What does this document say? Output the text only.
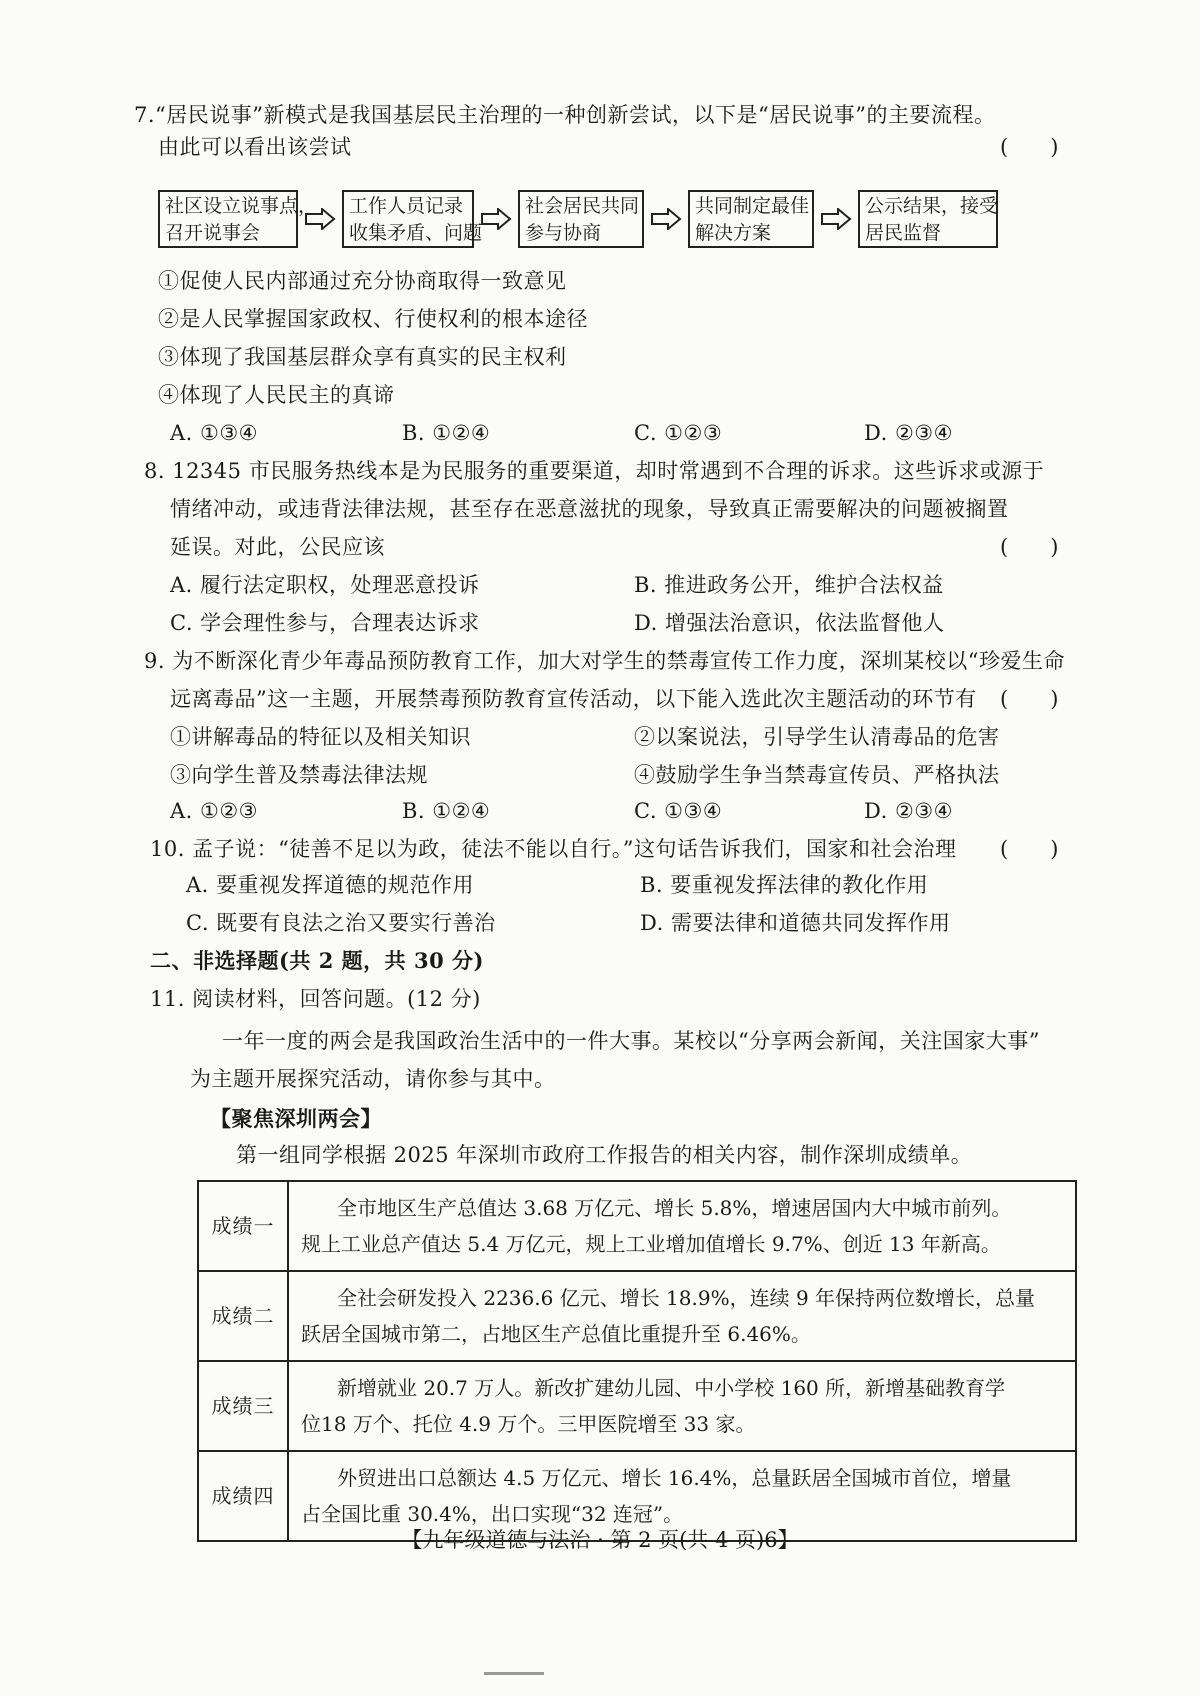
7.“居民说事”新模式是我国基层民主治理的一种创新尝试，以下是“居民说事”的主要流程。
由此可以看出该尝试	(　　)
社区设立说事点，
召开说事会
工作人员记录
收集矛盾、问题
社会居民共同
参与协商
共同制定最佳
解决方案
公示结果，接受
居民监督
①促使人民内部通过充分协商取得一致意见
②是人民掌握国家政权、行使权利的根本途径
③体现了我国基层群众享有真实的民主权利
④体现了人民民主的真谛
A. ①③④	B. ①②④	C. ①②③	D. ②③④
8. 12345 市民服务热线本是为民服务的重要渠道，却时常遇到不合理的诉求。这些诉求或源于
情绪冲动，或违背法律法规，甚至存在恶意滋扰的现象，导致真正需要解决的问题被搁置
延误。对此，公民应该	(　　)
A. 履行法定职权，处理恶意投诉	B. 推进政务公开，维护合法权益
C. 学会理性参与，合理表达诉求	D. 增强法治意识，依法监督他人
9. 为不断深化青少年毒品预防教育工作，加大对学生的禁毒宣传工作力度，深圳某校以“珍爱生命
远离毒品”这一主题，开展禁毒预防教育宣传活动，以下能入选此次主题活动的环节有 (　　)
①讲解毒品的特征以及相关知识	②以案说法，引导学生认清毒品的危害
③向学生普及禁毒法律法规	④鼓励学生争当禁毒宣传员、严格执法
A. ①②③	B. ①②④	C. ①③④	D. ②③④
10. 孟子说：“徒善不足以为政，徒法不能以自行。”这句话告诉我们，国家和社会治理 (　　)
A. 要重视发挥道德的规范作用	B. 要重视发挥法律的教化作用
C. 既要有良法之治又要实行善治	D. 需要法律和道德共同发挥作用
二、非选择题(共 2 题，共 30 分)
11. 阅读材料，回答问题。(12 分)
一年一度的两会是我国政治生活中的一件大事。某校以“分享两会新闻，关注国家大事”
为主题开展探究活动，请你参与其中。
【聚焦深圳两会】
第一组同学根据 2025 年深圳市政府工作报告的相关内容，制作深圳成绩单。
成绩一	全市地区生产总值达 3.68 万亿元、增长 5.8%，增速居国内大中城市前列。
规上工业总产值达 5.4 万亿元，规上工业增加值增长 9.7%、创近 13 年新高。

成绩二	全社会研发投入 2236.6 亿元、增长 18.9%，连续 9 年保持两位数增长，总量
跃居全国城市第二，占地区生产总值比重提升至 6.46%。

成绩三	新增就业 20.7 万人。新改扩建幼儿园、中小学校 160 所，新增基础教育学
位18 万个、托位 4.9 万个。三甲医院增至 33 家。

成绩四	外贸进出口总额达 4.5 万亿元、增长 16.4%，总量跃居全国城市首位，增量
占全国比重 30.4%，出口实现“32 连冠”。
【九年级道德与法治 · 第 2 页(共 4 页)6】
